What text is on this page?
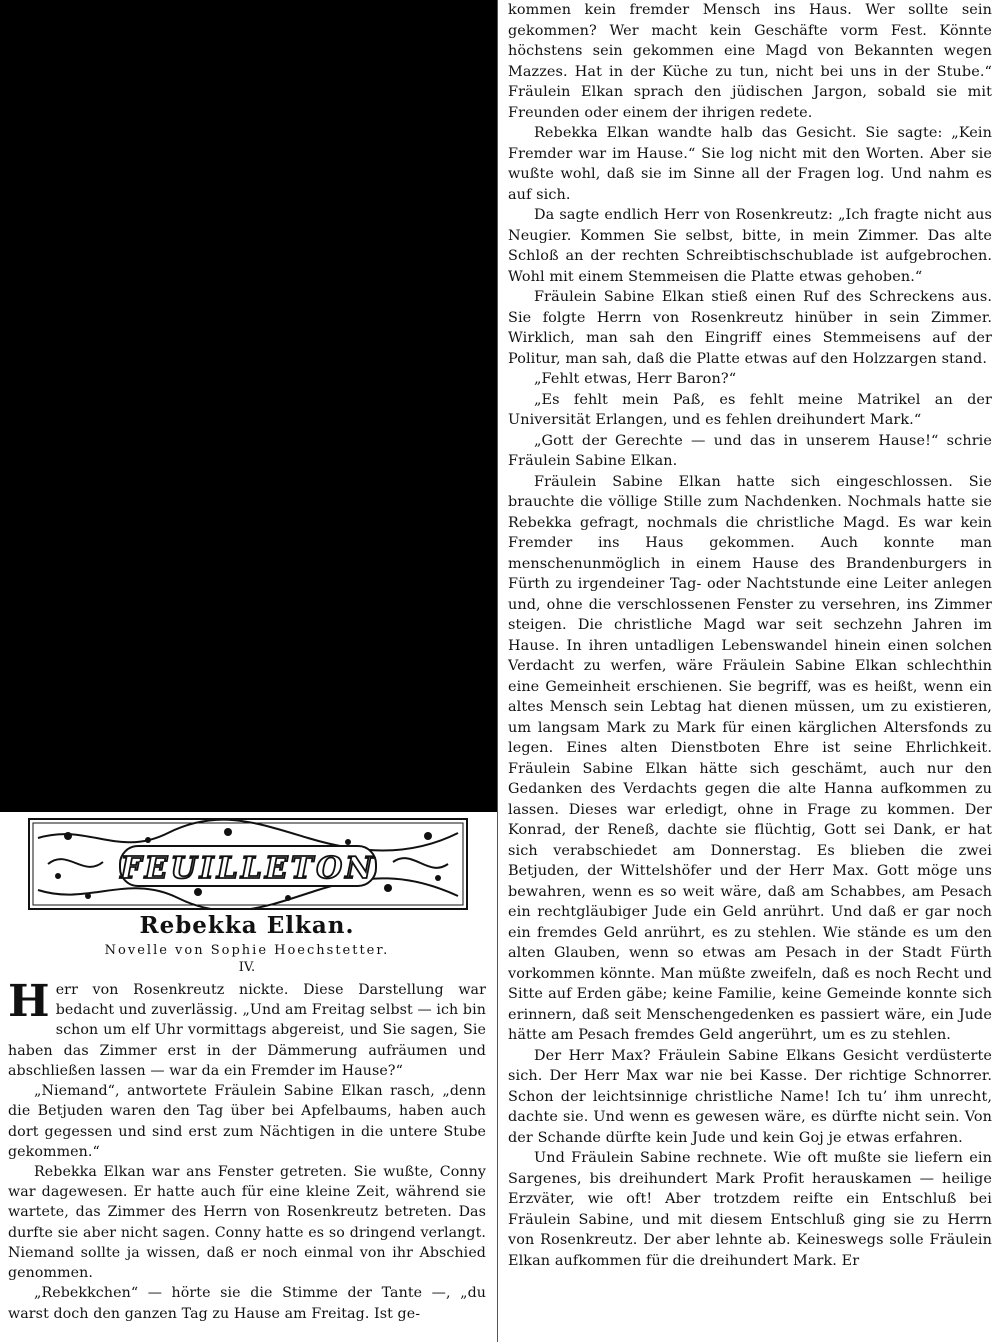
FEUILLETON
Rebekka Elkan.
Novelle von Sophie Hoechstetter.
IV.

Herr von Rosenkreutz nickte. Diese Darstellung war bedacht und zuverlässig. „Und am Freitag selbst — ich bin schon um elf Uhr vormittags abgereist, und Sie sagen, Sie haben das Zimmer erst in der Dämmerung aufräumen und abschließen lassen — war da ein Fremder im Hause?“

„Niemand“, antwortete Fräulein Sabine Elkan rasch, „denn die Betjuden waren den Tag über bei Apfelbaums, haben auch dort gegessen und sind erst zum Nächtigen in die untere Stube gekommen.“

Rebekka Elkan war ans Fenster getreten. Sie wußte, Conny war dagewesen. Er hatte auch für eine kleine Zeit, während sie wartete, das Zimmer des Herrn von Rosenkreutz betreten. Das durfte sie aber nicht sagen. Conny hatte es so dringend verlangt. Niemand sollte ja wissen, daß er noch einmal von ihr Abschied genommen.

„Rebekkchen“ — hörte sie die Stimme der Tante —, „du warst doch den ganzen Tag zu Hause am Freitag. Ist ge-

kommen kein fremder Mensch ins Haus. Wer sollte sein gekommen? Wer macht kein Geschäfte vorm Fest. Könnte höchstens sein gekommen eine Magd von Bekannten wegen Mazzes. Hat in der Küche zu tun, nicht bei uns in der Stube.“ Fräulein Elkan sprach den jüdischen Jargon, sobald sie mit Freunden oder einem der ihrigen redete.

Rebekka Elkan wandte halb das Gesicht. Sie sagte: „Kein Fremder war im Hause.“ Sie log nicht mit den Worten. Aber sie wußte wohl, daß sie im Sinne all der Fragen log. Und nahm es auf sich.

Da sagte endlich Herr von Rosenkreutz: „Ich fragte nicht aus Neugier. Kommen Sie selbst, bitte, in mein Zimmer. Das alte Schloß an der rechten Schreibtischschublade ist aufgebrochen. Wohl mit einem Stemmeisen die Platte etwas gehoben.“

Fräulein Sabine Elkan stieß einen Ruf des Schreckens aus. Sie folgte Herrn von Rosenkreutz hinüber in sein Zimmer. Wirklich, man sah den Eingriff eines Stemmeisens auf der Politur, man sah, daß die Platte etwas auf den Holzzargen stand.

„Fehlt etwas, Herr Baron?“

„Es fehlt mein Paß, es fehlt meine Matrikel an der Universität Erlangen, und es fehlen dreihundert Mark.“

„Gott der Gerechte — und das in unserem Hause!“ schrie Fräulein Sabine Elkan.

Fräulein Sabine Elkan hatte sich eingeschlossen. Sie brauchte die völlige Stille zum Nachdenken. Nochmals hatte sie Rebekka gefragt, nochmals die christliche Magd. Es war kein Fremder ins Haus gekommen. Auch konnte man menschenunmöglich in einem Hause des Brandenburgers in Fürth zu irgendeiner Tag- oder Nachtstunde eine Leiter anlegen und, ohne die verschlossenen Fenster zu versehren, ins Zimmer steigen. Die christliche Magd war seit sechzehn Jahren im Hause. In ihren untadligen Lebenswandel hinein einen solchen Verdacht zu werfen, wäre Fräulein Sabine Elkan schlechthin eine Gemeinheit erschienen. Sie begriff, was es heißt, wenn ein altes Mensch sein Lebtag hat dienen müssen, um zu existieren, um langsam Mark zu Mark für einen kärglichen Altersfonds zu legen. Eines alten Dienstboten Ehre ist seine Ehrlichkeit. Fräulein Sabine Elkan hätte sich geschämt, auch nur den Gedanken des Verdachts gegen die alte Hanna aufkommen zu lassen. Dieses war erledigt, ohne in Frage zu kommen. Der Konrad, der Reneß, dachte sie flüchtig, Gott sei Dank, er hat sich verabschiedet am Donnerstag. Es blieben die zwei Betjuden, der Wittelshöfer und der Herr Max. Gott möge uns bewahren, wenn es so weit wäre, daß am Schabbes, am Pesach ein rechtgläubiger Jude ein Geld anrührt. Und daß er gar noch ein fremdes Geld anrührt, es zu stehlen. Wie stände es um den alten Glauben, wenn so etwas am Pesach in der Stadt Fürth vorkommen könnte. Man müßte zweifeln, daß es noch Recht und Sitte auf Erden gäbe; keine Familie, keine Gemeinde konnte sich erinnern, daß seit Menschengedenken es passiert wäre, ein Jude hätte am Pesach fremdes Geld angerührt, um es zu stehlen.

Der Herr Max? Fräulein Sabine Elkans Gesicht verdüsterte sich. Der Herr Max war nie bei Kasse. Der richtige Schnorrer. Schon der leichtsinnige christliche Name! Ich tu’ ihm unrecht, dachte sie. Und wenn es gewesen wäre, es dürfte nicht sein. Von der Schande dürfte kein Jude und kein Goj je etwas erfahren.

Und Fräulein Sabine rechnete. Wie oft mußte sie liefern ein Sargenes, bis dreihundert Mark Profit herauskamen — heilige Erzväter, wie oft! Aber trotzdem reifte ein Entschluß bei Fräulein Sabine, und mit diesem Entschluß ging sie zu Herrn von Rosenkreutz. Der aber lehnte ab. Keineswegs solle Fräulein Elkan aufkommen für die dreihundert Mark. Er
